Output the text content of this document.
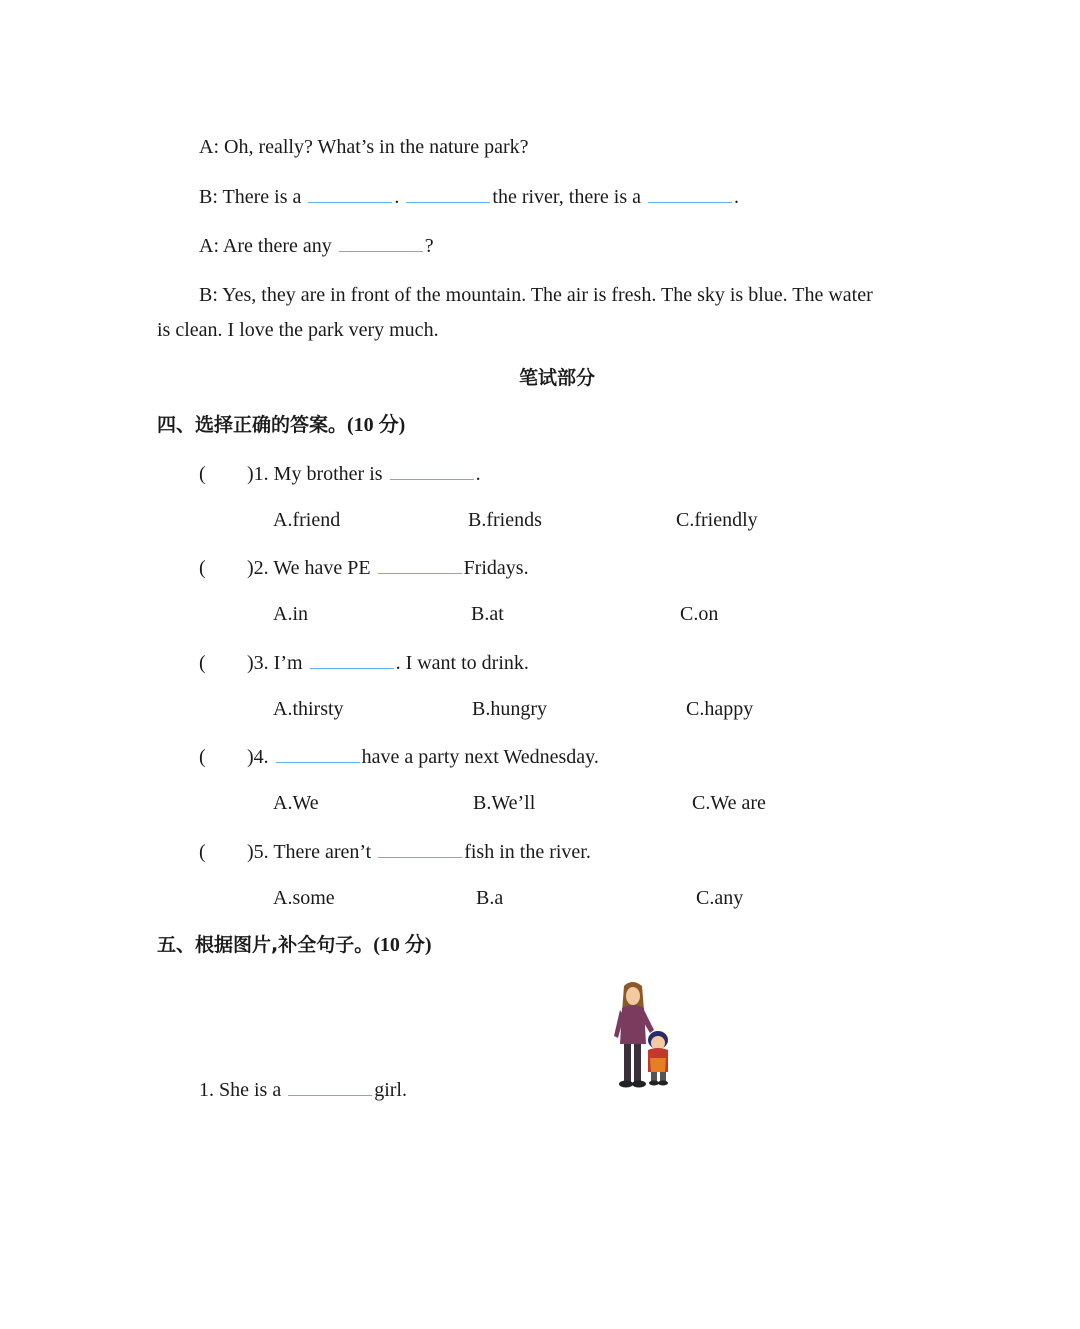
A: Oh, really? What’s in the nature park?
B: There is a	.	the river, there is a	.
A: Are there any	?
B: Yes, they are in front of the mountain. The air is fresh. The sky is blue. The water
is clean. I love the park very much.
笔试部分
四、选择正确的答案。(10 分)
( )1. My brother is	.
A.friend	B.friends	C.friendly
( )2. We have PE	Fridays.
A.in	B.at	C.on
( )3. I’m	. I want to drink.
A.thirsty	B.hungry	C.happy
( )4.	have a party next Wednesday.
A.We	B.We’ll	C.We are
( )5. There aren’t	fish in the river.
A.some	B.a	C.any
五、根据图片,补全句子。(10 分)
1. She is a	girl.
